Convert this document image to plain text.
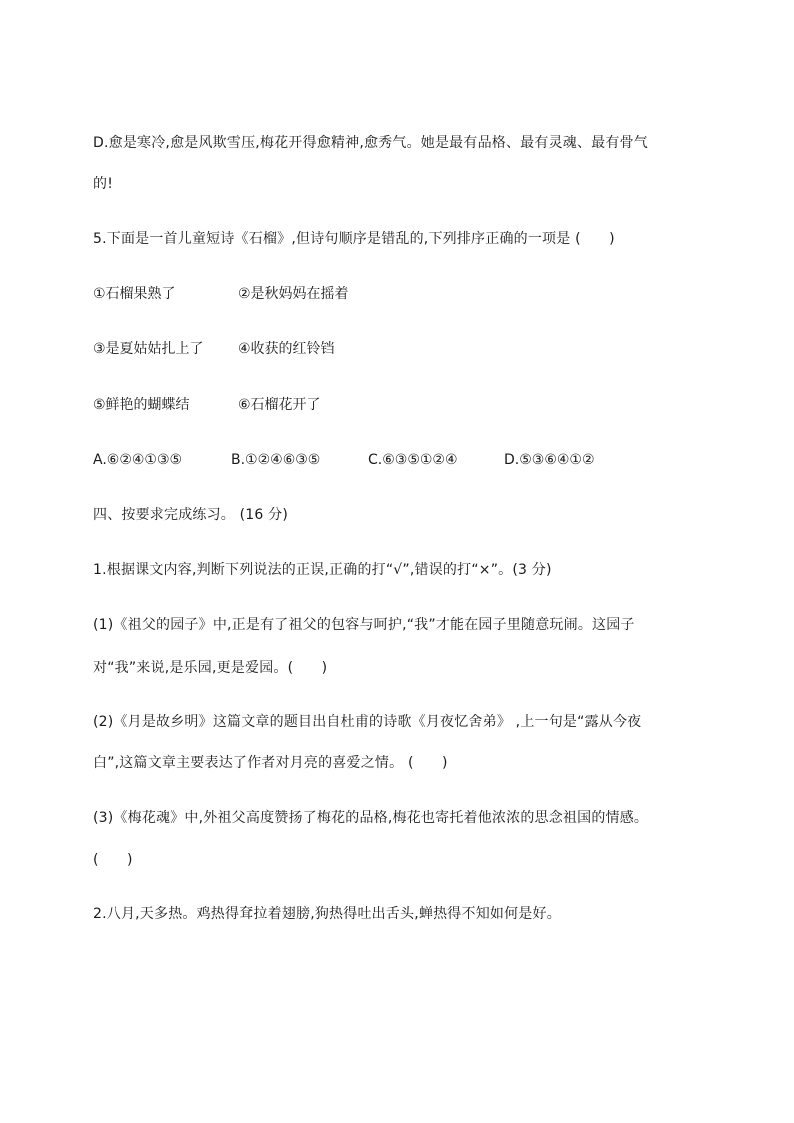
D.愈是寒冷,愈是风欺雪压,梅花开得愈精神,愈秀气。她是最有品格、最有灵魂、最有骨气
的!
5.下面是一首儿童短诗《石榴》,但诗句顺序是错乱的,下列排序正确的一项是 (　　)
①石榴果熟了	②是秋妈妈在摇着
③是夏姑姑扎上了 ④收获的红铃铛
⑤鲜艳的蝴蝶结	⑥石榴花开了
A.⑥②④①③⑤	B.①②④⑥③⑤	C.⑥③⑤①②④	D.⑤③⑥④①②
四、按要求完成练习。 (16 分)
1.根据课文内容,判断下列说法的正误,正确的打“√”,错误的打“×”。(3 分)
(1)《祖父的园子》中,正是有了祖父的包容与呵护,“我”才能在园子里随意玩闹。这园子
对“我”来说,是乐园,更是爱园。(　　)
(2)《月是故乡明》这篇文章的题目出自杜甫的诗歌《月夜忆舍弟》 ,上一句是“露从今夜
白”,这篇文章主要表达了作者对月亮的喜爱之情。 (　　)
(3)《梅花魂》中,外祖父高度赞扬了梅花的品格,梅花也寄托着他浓浓的思念祖国的情感。
(　　)
2.八月,天多热。鸡热得耷拉着翅膀,狗热得吐出舌头,蝉热得不知如何是好。
